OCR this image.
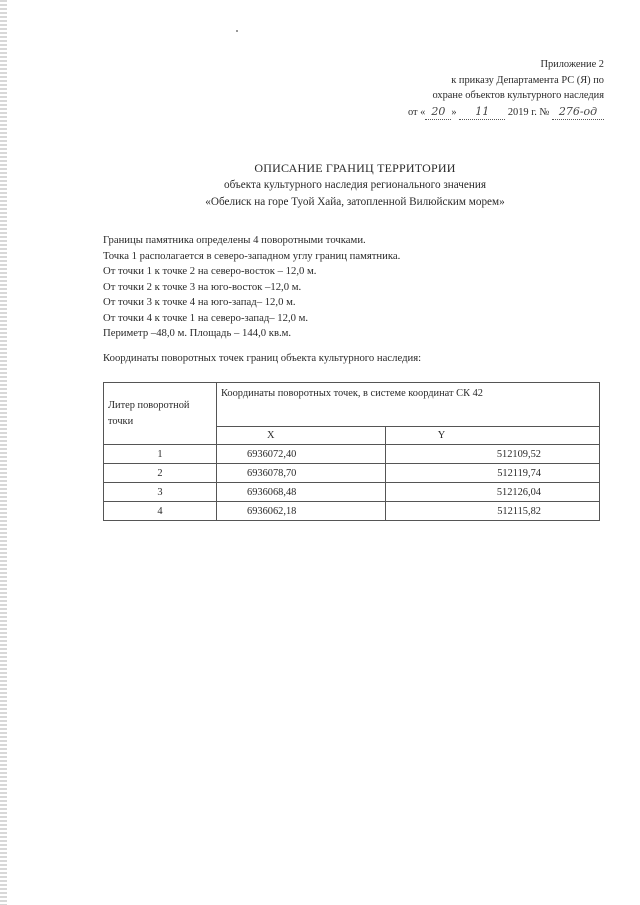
Приложение 2
к приказу Департамента РС (Я) по
охране объектов культурного наследия
от « 20 » 11 2019 г. № 276-од
ОПИСАНИЕ ГРАНИЦ ТЕРРИТОРИИ
объекта культурного наследия регионального значения
«Обелиск на горе Туой Хайа, затопленной Вилюйским морем»
Границы памятника определены 4 поворотными точками.
Точка 1 располагается в северо-западном углу границ памятника.
От точки 1 к точке 2 на северо-восток – 12,0 м.
От точки 2 к точке 3 на юго-восток –12,0 м.
От точки 3 к точке 4 на юго-запад– 12,0 м.
От точки 4 к точке 1 на северо-запад– 12,0 м.
Периметр –48,0 м. Площадь – 144,0 кв.м.
Координаты поворотных точек границ объекта культурного наследия:
Литер поворотной точки	Координаты поворотных точек, в системе координат СК 42	
	X	Y
1	6936072,40	512109,52
2	6936078,70	512119,74
3	6936068,48	512126,04
4	6936062,18	512115,82
